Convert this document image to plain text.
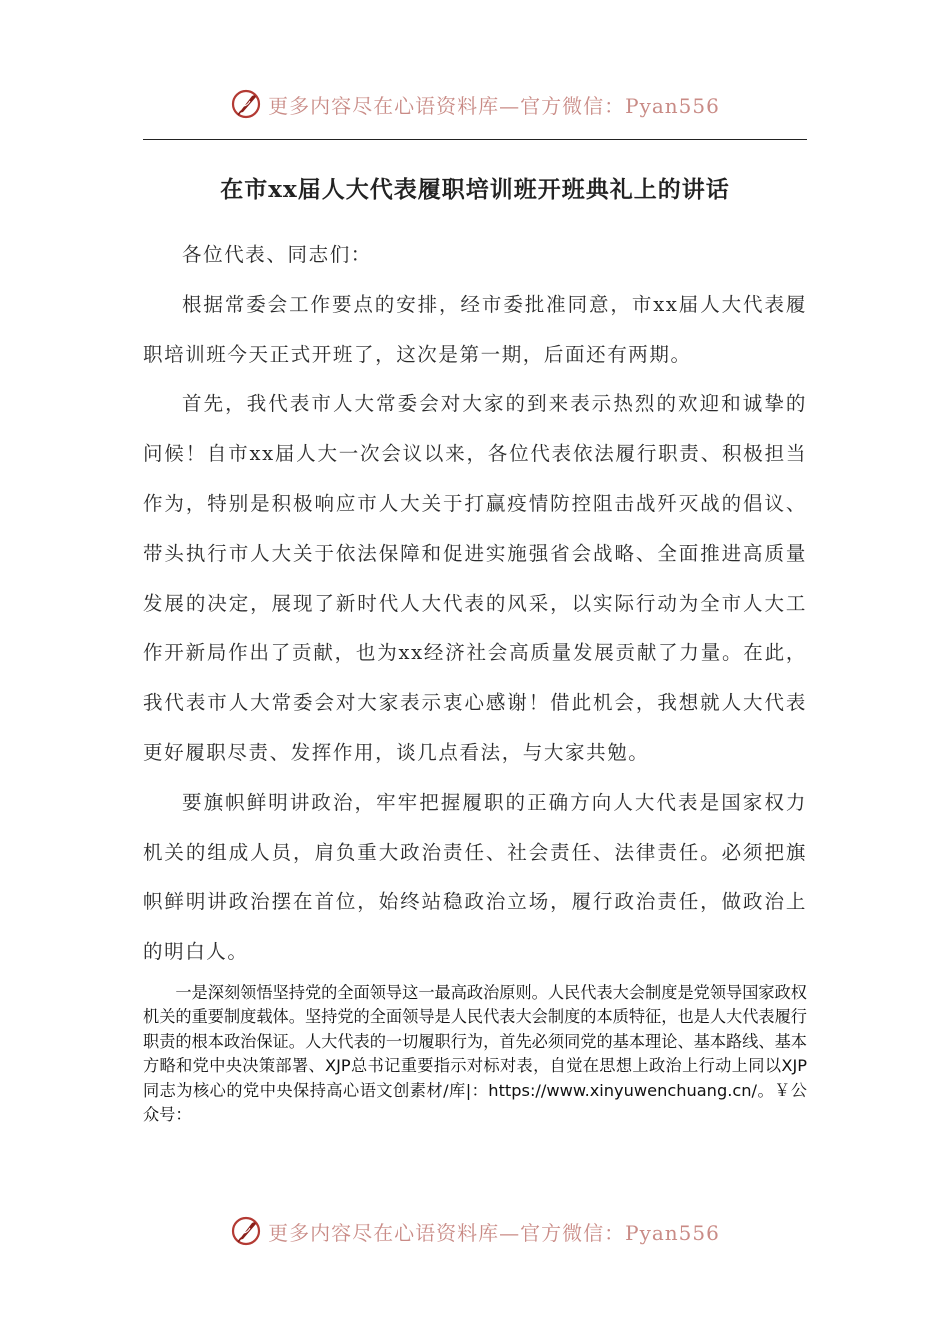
更多内容尽在心语资料库—官方微信：Pyan556
在市xx届人大代表履职培训班开班典礼上的讲话

各位代表、同志们：

根据常委会工作要点的安排，经市委批准同意，市xx届人大代表履职培训班今天正式开班了，这次是第一期，后面还有两期。

首先，我代表市人大常委会对大家的到来表示热烈的欢迎和诚挚的问候！自市xx届人大一次会议以来，各位代表依法履行职责、积极担当作为，特别是积极响应市人大关于打赢疫情防控阻击战歼灭战的倡议、带头执行市人大关于依法保障和促进实施强省会战略、全面推进高质量发展的决定，展现了新时代人大代表的风采，以实际行动为全市人大工作开新局作出了贡献，也为xx经济社会高质量发展贡献了力量。在此，我代表市人大常委会对大家表示衷心感谢！借此机会，我想就人大代表更好履职尽责、发挥作用，谈几点看法，与大家共勉。

要旗帜鲜明讲政治，牢牢把握履职的正确方向人大代表是国家权力机关的组成人员，肩负重大政治责任、社会责任、法律责任。必须把旗帜鲜明讲政治摆在首位，始终站稳政治立场，履行政治责任，做政治上的明白人。

一是深刻领悟坚持党的全面领导这一最高政治原则。人民代表大会制度是党领导国家政权机关的重要制度载体。坚持党的全面领导是人民代表大会制度的本质特征，也是人大代表履行职责的根本政治保证。人大代表的一切履职行为，首先必须同党的基本理论、基本路线、基本方略和党中央决策部署、XJP总书记重要指示对标对表，自觉在思想上政治上行动上同以XJP同志为核心的党中央保持高心语文创素材/库|：https://www.xinyuwenchuang.cn/。￥公众号：

更多内容尽在心语资料库—官方微信：Pyan556
